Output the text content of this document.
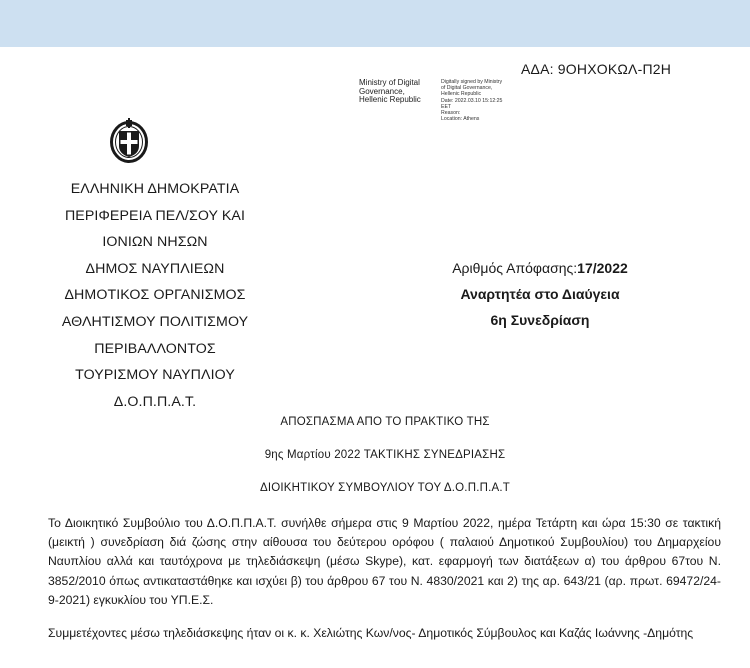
ΑΔΑ: 9ΟΗΧΟΚΩΛ-Π2Η
Ministry of Digital
Governance,
Hellenic Republic
Digitally signed by Ministry
of Digital Governance,
Hellenic Republic
Date: 2022.03.10 15:12:25
EET
Reason:
Location: Athens
ΕΛΛΗΝΙΚΗ ΔΗΜΟΚΡΑΤΙΑ
ΠΕΡΙΦΕΡΕΙΑ ΠΕΛ/ΣΟΥ ΚΑΙ
ΙΟΝΙΩΝ ΝΗΣΩΝ
ΔΗΜΟΣ ΝΑΥΠΛΙΕΩΝ
ΔΗΜΟΤΙΚΟΣ ΟΡΓΑΝΙΣΜΟΣ
ΑΘΛΗΤΙΣΜΟΥ ΠΟΛΙΤΙΣΜΟΥ
ΠΕΡΙΒΑΛΛΟΝΤΟΣ
ΤΟΥΡΙΣΜΟΥ ΝΑΥΠΛΙΟΥ
Δ.Ο.Π.Π.Α.Τ.
Αριθμός Απόφασης:17/2022
Αναρτητέα στο Διαύγεια
6η Συνεδρίαση
ΑΠΟΣΠΑΣΜΑ ΑΠΟ ΤΟ ΠΡΑΚΤΙΚΟ ΤΗΣ
9ης Μαρτίου 2022 ΤΑΚΤΙΚΗΣ ΣΥΝΕΔΡΙΑΣΗΣ
ΔΙΟΙΚΗΤΙΚΟΥ ΣΥΜΒΟΥΛΙΟΥ ΤΟΥ Δ.Ο.Π.Π.Α.Τ
Το Διοικητικό Συμβούλιο του Δ.Ο.Π.Π.Α.Τ. συνήλθε σήμερα στις 9 Μαρτίου 2022, ημέρα Τετάρτη και ώρα 15:30 σε τακτική (μεικτή ) συνεδρίαση διά ζώσης στην αίθουσα του δεύτερου ορόφου ( παλαιού Δημοτικού Συμβουλίου) του Δημαρχείου Ναυπλίου αλλά και ταυτόχρονα με τηλεδιάσκεψη (μέσω Skype), κατ. εφαρμογή των διατάξεων α) του άρθρου 67του Ν. 3852/2010 όπως αντικαταστάθηκε και ισχύει β) του άρθρου 67 του Ν. 4830/2021 και 2) της αρ. 643/21 (αρ. πρωτ. 69472/24-9-2021) εγκυκλίου του ΥΠ.Ε.Σ.
Συμμετέχοντες μέσω τηλεδιάσκεψης ήταν οι κ. κ. Χελιώτης Κων/νος- Δημοτικός Σύμβουλος και Καζάς Ιωάννης -Δημότης
